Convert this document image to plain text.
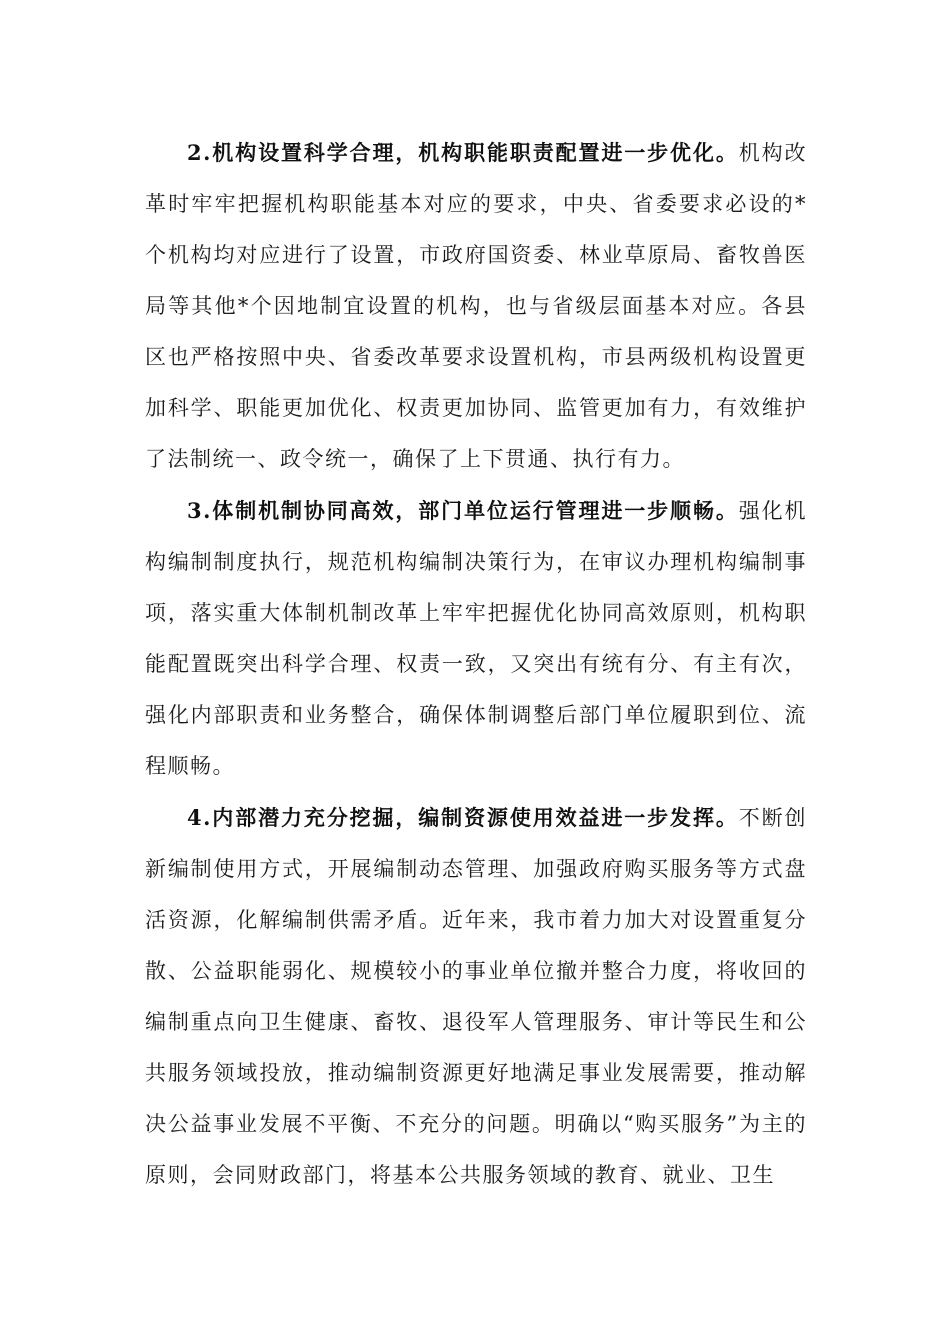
2.机构设置科学合理，机构职能职责配置进一步优化。机构改革时牢牢把握机构职能基本对应的要求，中央、省委要求必设的*个机构均对应进行了设置，市政府国资委、林业草原局、畜牧兽医局等其他*个因地制宜设置的机构，也与省级层面基本对应。各县区也严格按照中央、省委改革要求设置机构，市县两级机构设置更加科学、职能更加优化、权责更加协同、监管更加有力，有效维护了法制统一、政令统一，确保了上下贯通、执行有力。

3.体制机制协同高效，部门单位运行管理进一步顺畅。强化机构编制制度执行，规范机构编制决策行为，在审议办理机构编制事项，落实重大体制机制改革上牢牢把握优化协同高效原则，机构职能配置既突出科学合理、权责一致，又突出有统有分、有主有次，强化内部职责和业务整合，确保体制调整后部门单位履职到位、流程顺畅。

4.内部潜力充分挖掘，编制资源使用效益进一步发挥。不断创新编制使用方式，开展编制动态管理、加强政府购买服务等方式盘活资源，化解编制供需矛盾。近年来，我市着力加大对设置重复分散、公益职能弱化、规模较小的事业单位撤并整合力度，将收回的编制重点向卫生健康、畜牧、退役军人管理服务、审计等民生和公共服务领域投放，推动编制资源更好地满足事业发展需要，推动解决公益事业发展不平衡、不充分的问题。明确以“购买服务”为主的原则，会同财政部门，将基本公共服务领域的教育、就业、卫生
